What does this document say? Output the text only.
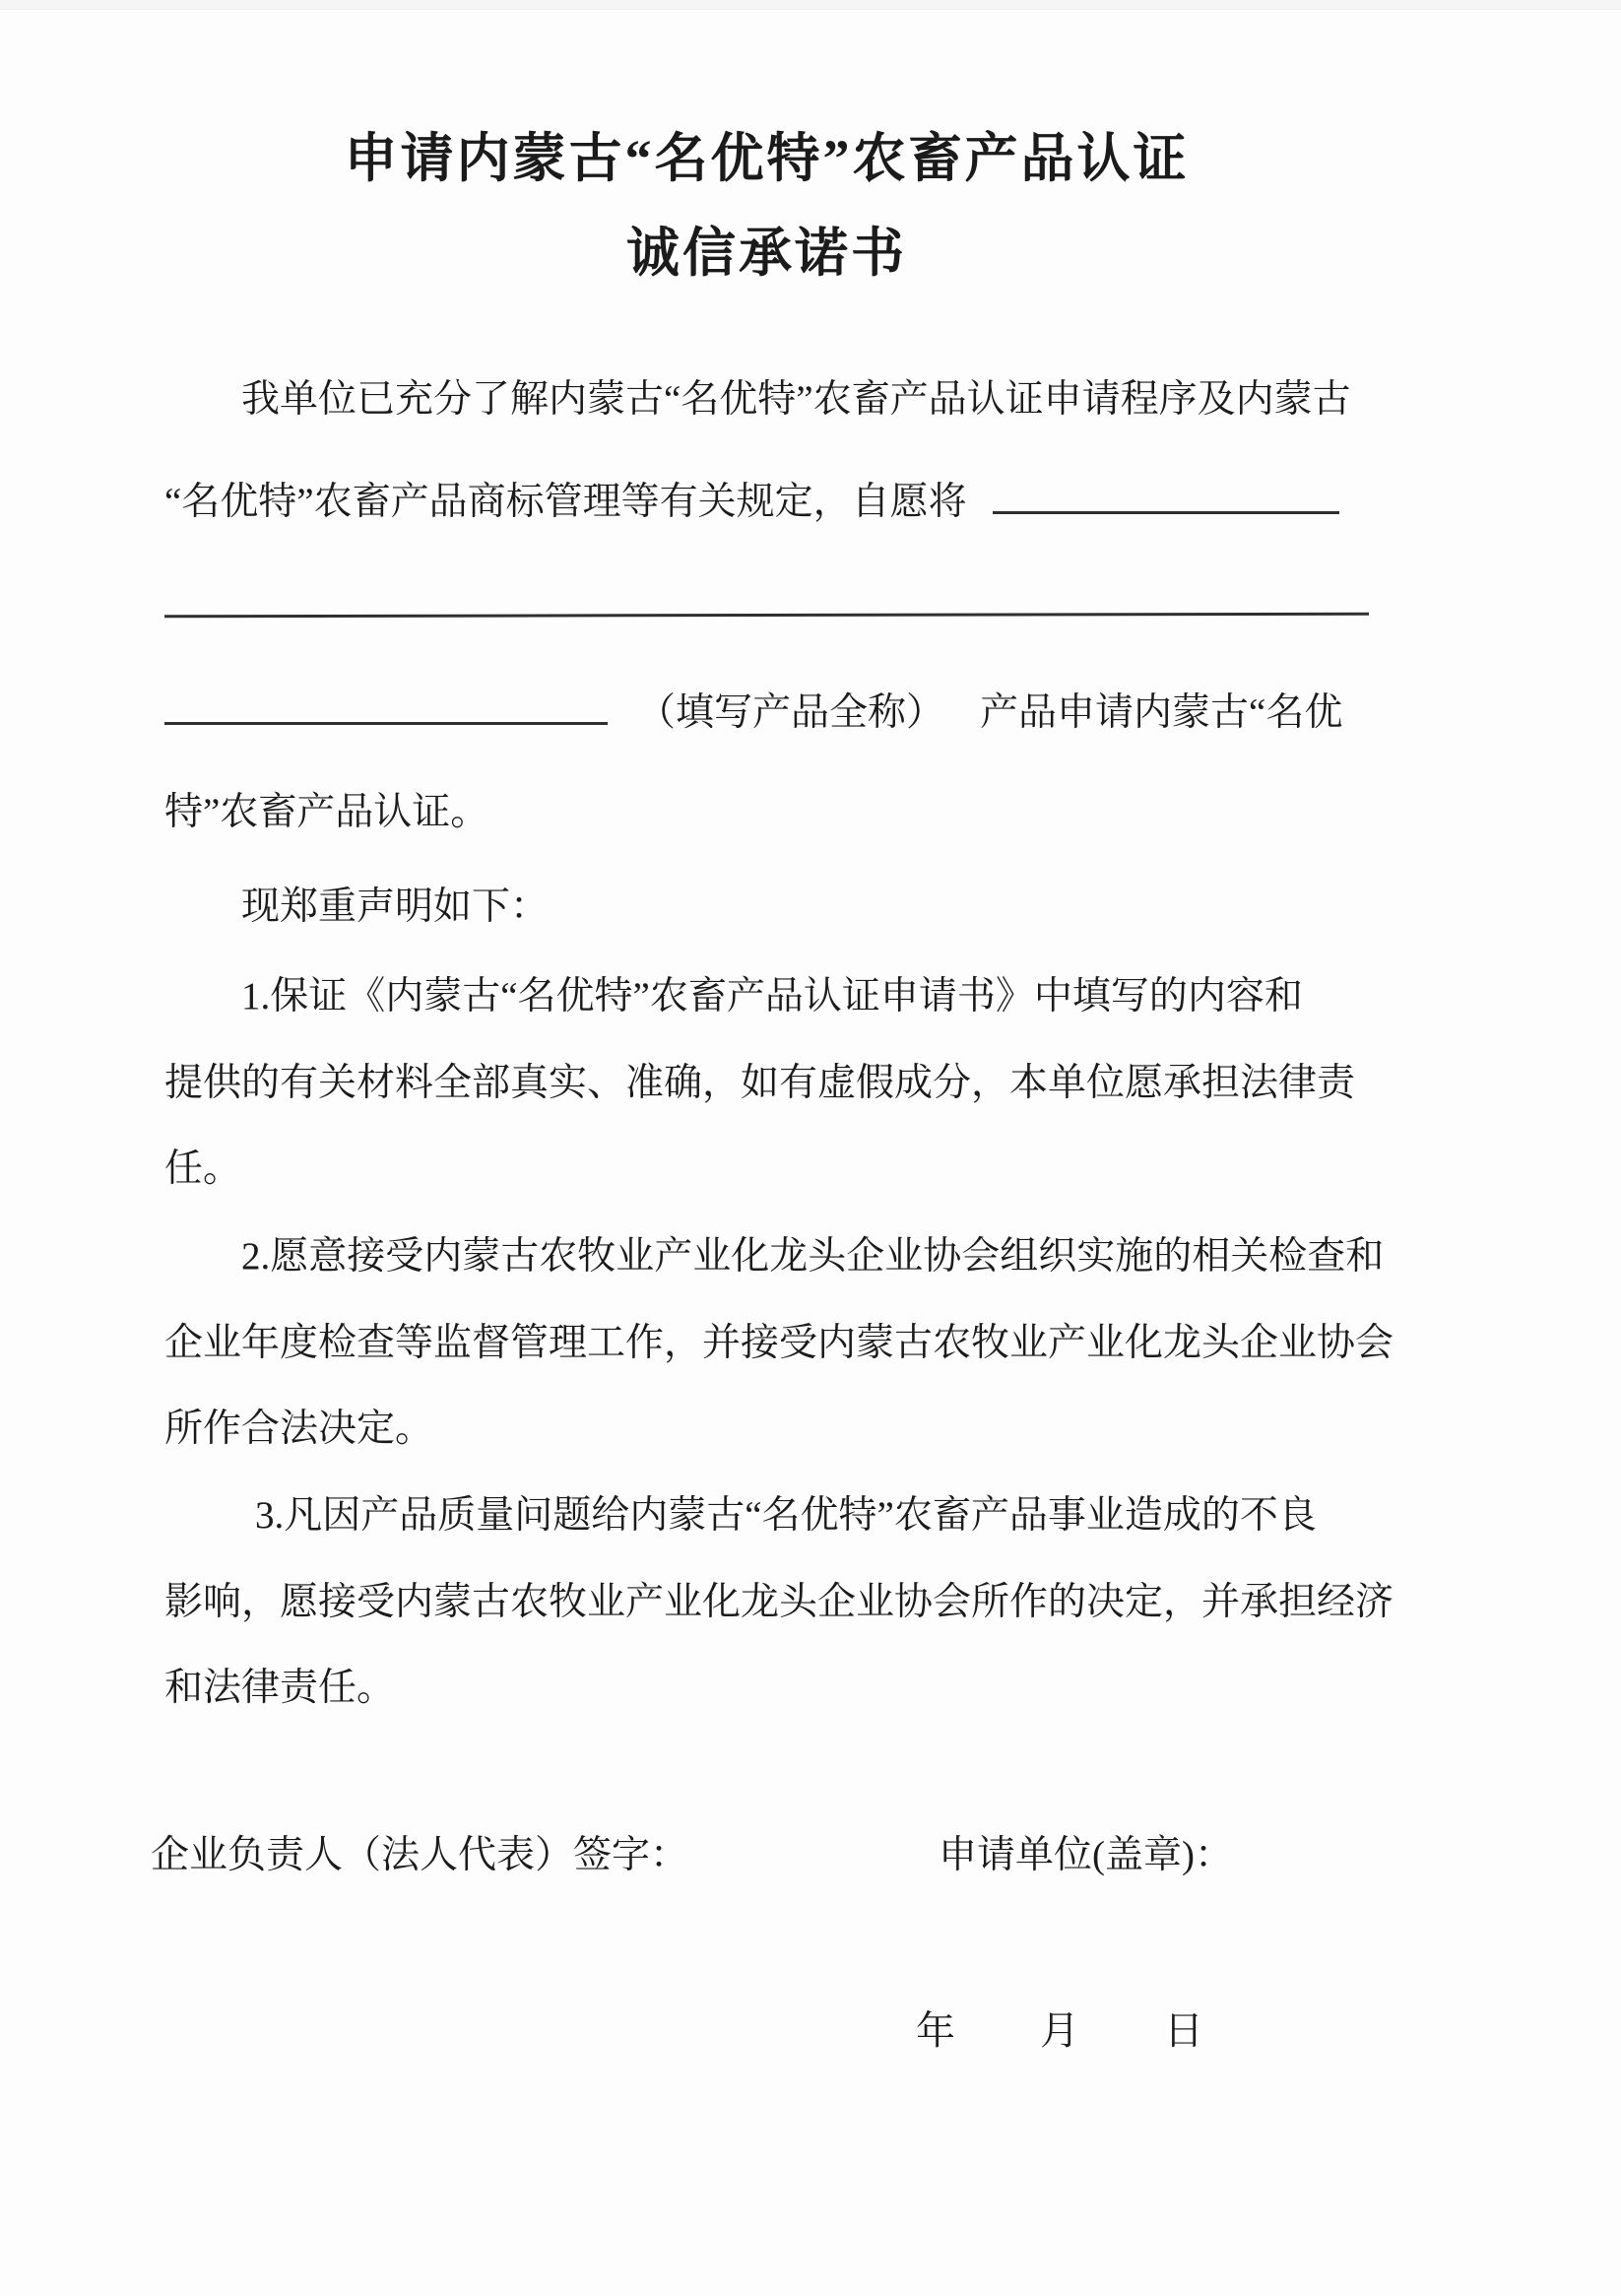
申请内蒙古“名优特”农畜产品认证
诚信承诺书
我单位已充分了解内蒙古“名优特”农畜产品认证申请程序及内蒙古
“名优特”农畜产品商标管理等有关规定，自愿将
（填写产品全称） 产品申请内蒙古“名优
特”农畜产品认证。
现郑重声明如下：
1.保证《内蒙古“名优特”农畜产品认证申请书》中填写的内容和
提供的有关材料全部真实、准确，如有虚假成分，本单位愿承担法律责
任。
2.愿意接受内蒙古农牧业产业化龙头企业协会组织实施的相关检查和
企业年度检查等监督管理工作，并接受内蒙古农牧业产业化龙头企业协会
所作合法决定。
3.凡因产品质量问题给内蒙古“名优特”农畜产品事业造成的不良
影响，愿接受内蒙古农牧业产业化龙头企业协会所作的决定，并承担经济
和法律责任。
企业负责人（法人代表）签字：	申请单位(盖章)：
年 月 日
